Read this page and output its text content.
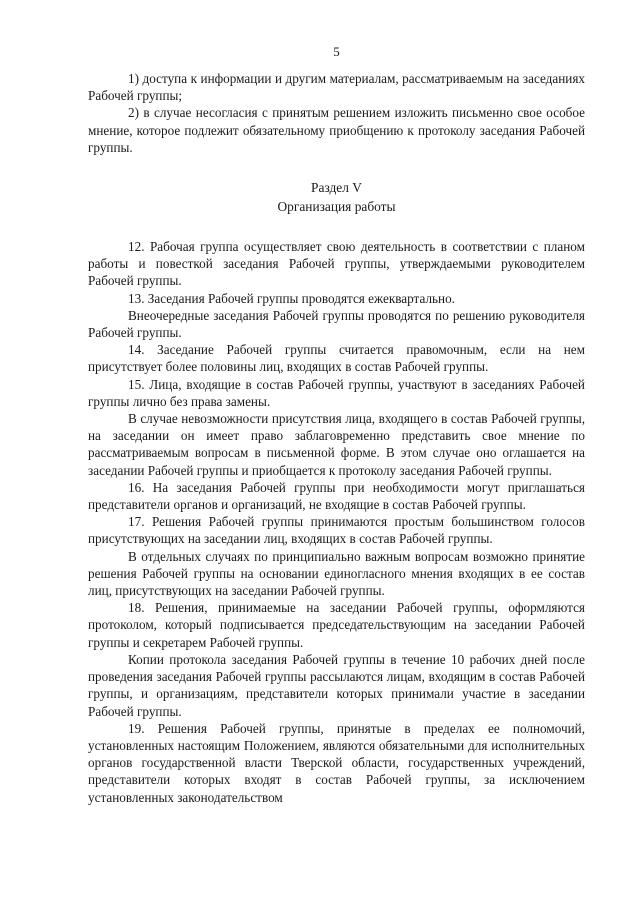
5

1) доступа к информации и другим материалам, рассматриваемым на заседаниях Рабочей группы;

2) в случае несогласия с принятым решением изложить письменно свое особое мнение, которое подлежит обязательному приобщению к протоколу заседания Рабочей группы.

Раздел V
Организация работы

12. Рабочая группа осуществляет свою деятельность в соответствии с планом работы и повесткой заседания Рабочей группы, утверждаемыми руководителем Рабочей группы.

13. Заседания Рабочей группы проводятся ежеквартально.

Внеочередные заседания Рабочей группы проводятся по решению руководителя Рабочей группы.

14. Заседание Рабочей группы считается правомочным, если на нем присутствует более половины лиц, входящих в состав Рабочей группы.

15. Лица, входящие в состав Рабочей группы, участвуют в заседаниях Рабочей группы лично без права замены.

В случае невозможности присутствия лица, входящего в состав Рабочей группы, на заседании он имеет право заблаговременно представить свое мнение по рассматриваемым вопросам в письменной форме. В этом случае оно оглашается на заседании Рабочей группы и приобщается к протоколу заседания Рабочей группы.

16. На заседания Рабочей группы при необходимости могут приглашаться представители органов и организаций, не входящие в состав Рабочей группы.

17. Решения Рабочей группы принимаются простым большинством голосов присутствующих на заседании лиц, входящих в состав Рабочей группы.

В отдельных случаях по принципиально важным вопросам возможно принятие решения Рабочей группы на основании единогласного мнения входящих в ее состав лиц, присутствующих на заседании Рабочей группы.

18. Решения, принимаемые на заседании Рабочей группы, оформляются протоколом, который подписывается председательствующим на заседании Рабочей группы и секретарем Рабочей группы.

Копии протокола заседания Рабочей группы в течение 10 рабочих дней после проведения заседания Рабочей группы рассылаются лицам, входящим в состав Рабочей группы, и организациям, представители которых принимали участие в заседании Рабочей группы.

19. Решения Рабочей группы, принятые в пределах ее полномочий, установленных настоящим Положением, являются обязательными для исполнительных органов государственной власти Тверской области, государственных учреждений, представители которых входят в состав Рабочей группы, за исключением установленных законодательством
